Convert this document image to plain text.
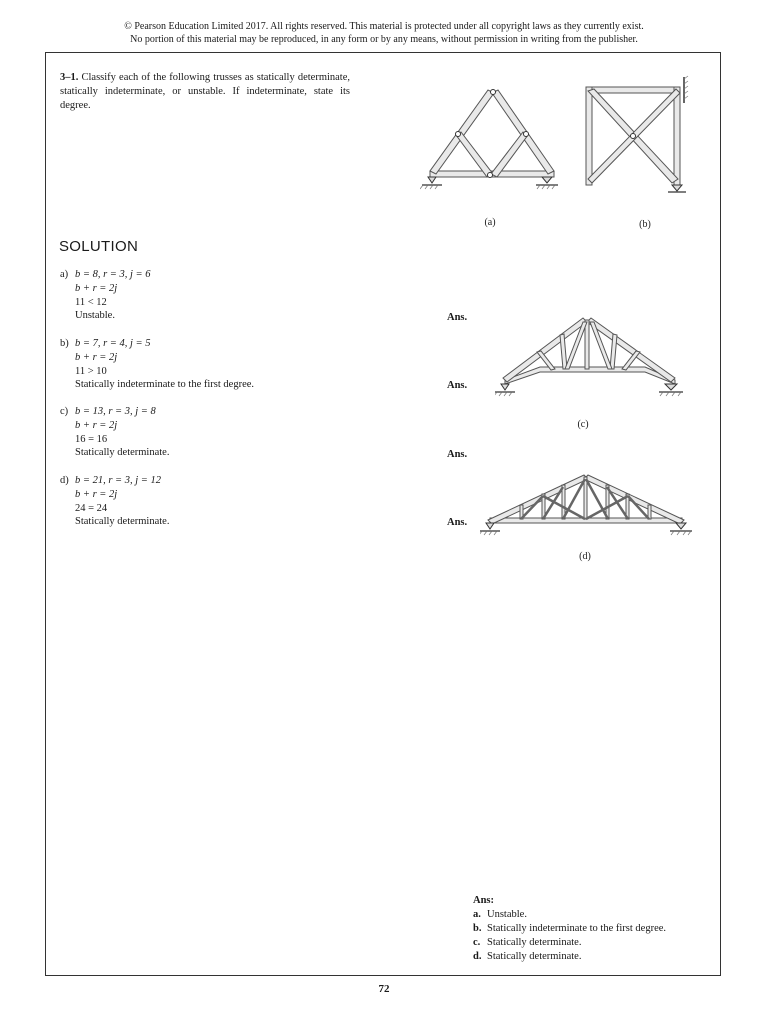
© Pearson Education Limited 2017. All rights reserved. This material is protected under all copyright laws as they currently exist.
No portion of this material may be reproduced, in any form or by any means, without permission in writing from the publisher.
3–1. Classify each of the following trusses as statically determinate, statically indeterminate, or unstable. If indeterminate, state its degree.
(a)	(b)
SOLUTION
a) b = 8, r = 3, j = 6
b + r = 2j
11 < 12
Unstable.	Ans.
b) b = 7, r = 4, j = 5
b + r = 2j
11 > 10
Statically indeterminate to the first degree.	Ans.
(c)
c) b = 13, r = 3, j = 8
b + r = 2j
16 = 16
Statically determinate.	Ans.
d) b = 21, r = 3, j = 12
b + r = 2j
24 = 24
Statically determinate.	Ans.
(d)
Ans:
a. Unstable.
b. Statically indeterminate to the first degree.
c. Statically determinate.
d. Statically determinate.
72
